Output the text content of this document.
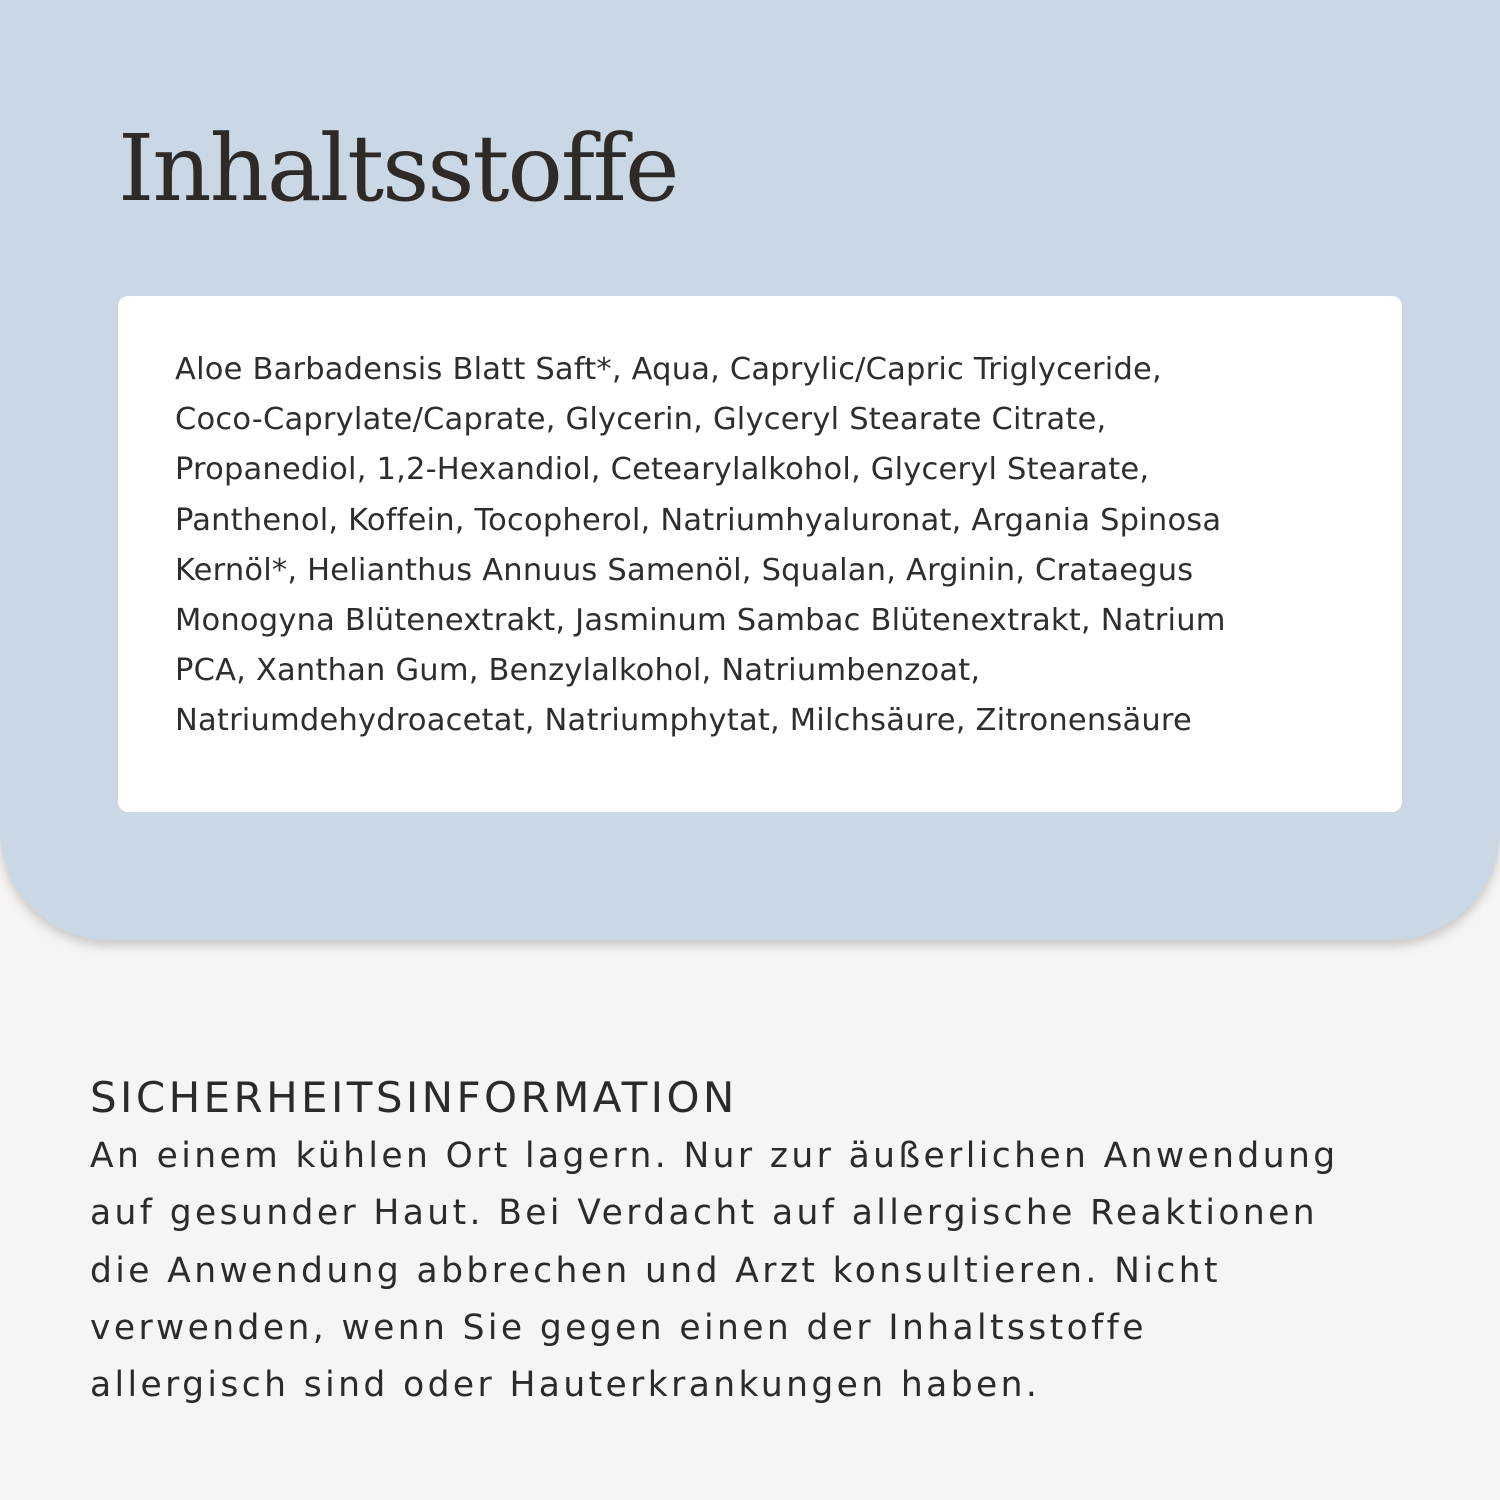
Inhaltsstoffe

Aloe Barbadensis Blatt Saft*, Aqua, Caprylic/Capric Triglyceride,
Coco-Caprylate/Caprate, Glycerin, Glyceryl Stearate Citrate,
Propanediol, 1,2-Hexandiol, Cetearylalkohol, Glyceryl Stearate,
Panthenol, Koffein, Tocopherol, Natriumhyaluronat, Argania Spinosa
Kernöl*, Helianthus Annuus Samenöl, Squalan, Arginin, Crataegus
Monogyna Blütenextrakt, Jasminum Sambac Blütenextrakt, Natrium
PCA, Xanthan Gum, Benzylalkohol, Natriumbenzoat,
Natriumdehydroacetat, Natriumphytat, Milchsäure, Zitronensäure

SICHERHEITSINFORMATION

An einem kühlen Ort lagern. Nur zur äußerlichen Anwendung
auf gesunder Haut. Bei Verdacht auf allergische Reaktionen
die Anwendung abbrechen und Arzt konsultieren. Nicht
verwenden, wenn Sie gegen einen der Inhaltsstoffe
allergisch sind oder Hauterkrankungen haben.
